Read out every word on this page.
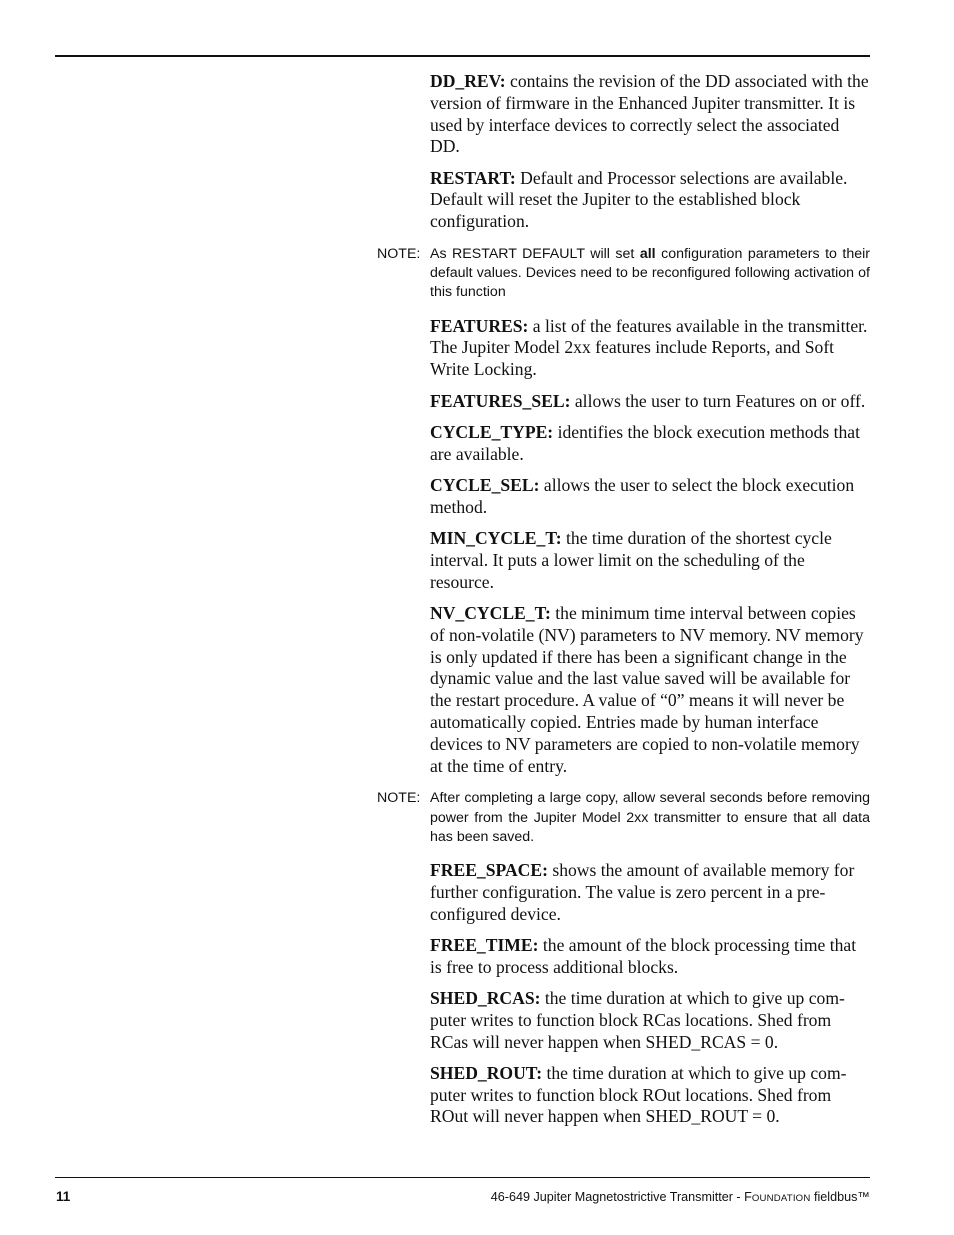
DD_REV: contains the revision of the DD associated with the version of firmware in the Enhanced Jupiter transmitter. It is used by interface devices to correctly select the associated DD.

RESTART: Default and Processor selections are available. Default will reset the Jupiter to the established block configuration.

NOTE: As RESTART DEFAULT will set all configuration parameters to their default values. Devices need to be reconfigured following activation of this function

FEATURES: a list of the features available in the transmitter. The Jupiter Model 2xx features include Reports, and Soft Write Locking.

FEATURES_SEL: allows the user to turn Features on or off.

CYCLE_TYPE: identifies the block execution methods that are available.

CYCLE_SEL: allows the user to select the block execution method.

MIN_CYCLE_T: the time duration of the shortest cycle interval. It puts a lower limit on the scheduling of the resource.

NV_CYCLE_T: the minimum time interval between copies of non-volatile (NV) parameters to NV memory. NV memory is only updated if there has been a significant change in the dynamic value and the last value saved will be available for the restart procedure. A value of “0” means it will never be automatically copied. Entries made by human interface devices to NV parameters are copied to non-volatile memory at the time of entry.

NOTE: After completing a large copy, allow several seconds before removing power from the Jupiter Model 2xx transmitter to ensure that all data has been saved.

FREE_SPACE: shows the amount of available memory for further configuration. The value is zero percent in a pre-configured device.

FREE_TIME: the amount of the block processing time that is free to process additional blocks.

SHED_RCAS: the time duration at which to give up computer writes to function block RCas locations. Shed from RCas will never happen when SHED_RCAS = 0.

SHED_ROUT: the time duration at which to give up computer writes to function block ROut locations. Shed from ROut will never happen when SHED_ROUT = 0.

11	46-649 Jupiter Magnetostrictive Transmitter - FOUNDATION fieldbus™
